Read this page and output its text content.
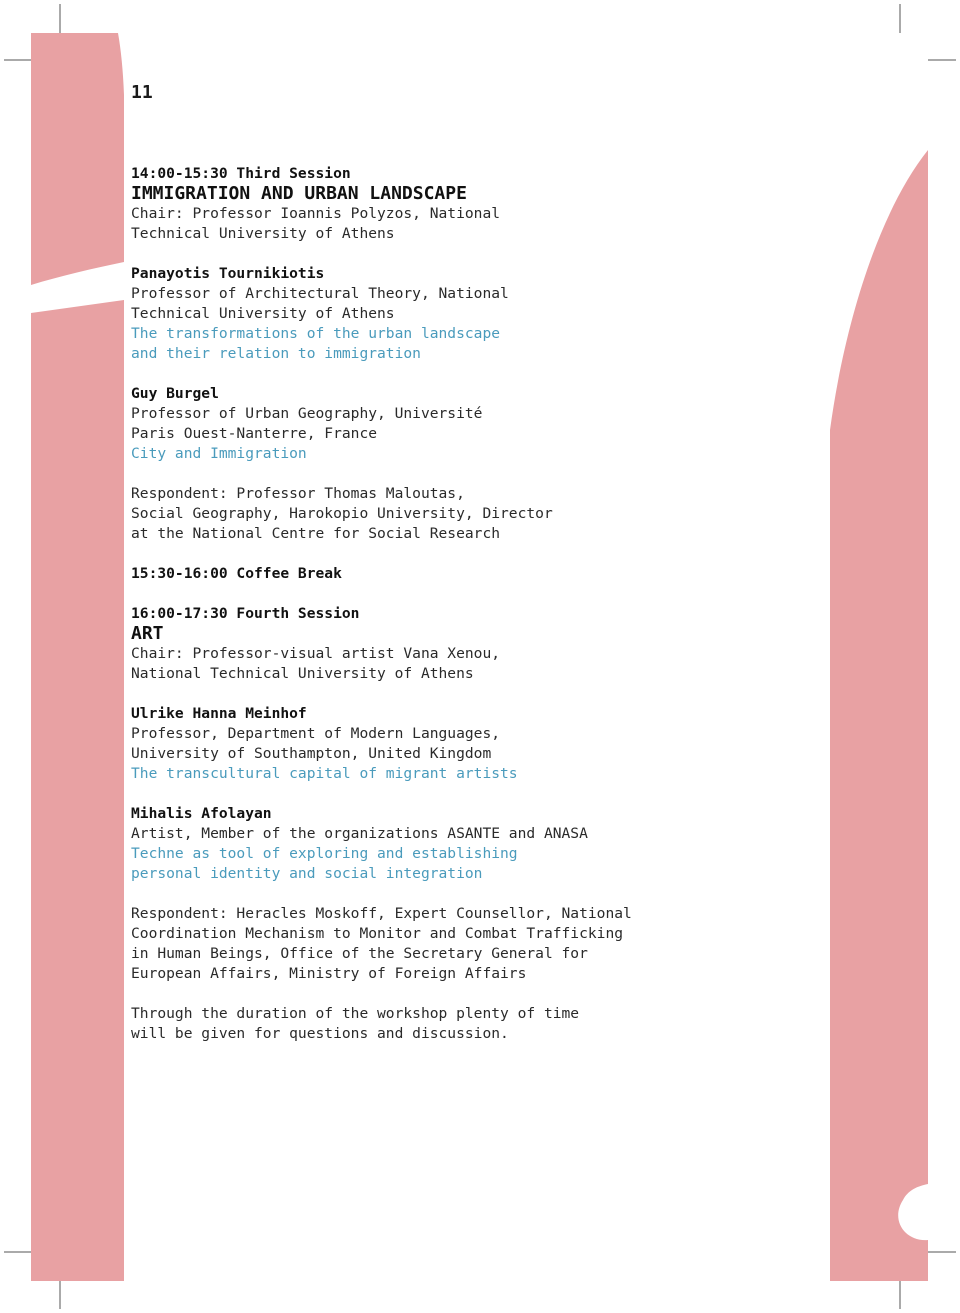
11

14:00-15:30 Third Session
IMMIGRATION AND URBAN LANDSCAPE
Chair: Professor Ioannis Polyzos, National
Technical University of Athens

Panayotis Tournikiotis
Professor of Architectural Theory, National
Technical University of Athens
The transformations of the urban landscape
and their relation to immigration

Guy Burgel
Professor of Urban Geography, Université
Paris Ouest-Nanterre, France
City and Immigration

Respondent: Professor Thomas Maloutas,
Social Geography, Harokopio University, Director
at the National Centre for Social Research

15:30-16:00 Coffee Break

16:00-17:30 Fourth Session
ART
Chair: Professor-visual artist Vana Xenou,
National Technical University of Athens

Ulrike Hanna Meinhof
Professor, Department of Modern Languages,
University of Southampton, United Kingdom
The transcultural capital of migrant artists

Mihalis Afolayan
Artist, Member of the organizations ASANTE and ANASA
Techne as tool of exploring and establishing
personal identity and social integration

Respondent: Heracles Moskoff, Expert Counsellor, National
Coordination Mechanism to Monitor and Combat Trafficking
in Human Beings, Office of the Secretary General for
European Affairs, Ministry of Foreign Affairs

Through the duration of the workshop plenty of time
will be given for questions and discussion.
